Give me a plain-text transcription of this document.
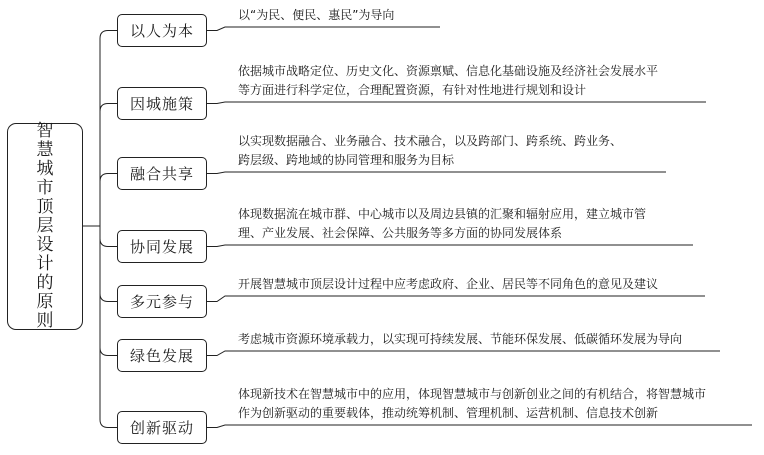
智慧城市顶层设计的原则
以人为本
因城施策
融合共享
协同发展
多元参与
绿色发展
创新驱动
以“为民、便民、惠民”为导向
依据城市战略定位、历史文化、资源禀赋、信息化基础设施及经济社会发展水平
等方面进行科学定位，合理配置资源，有针对性地进行规划和设计
以实现数据融合、业务融合、技术融合，以及跨部门、跨系统、跨业务、
跨层级、跨地域的协同管理和服务为目标
体现数据流在城市群、中心城市以及周边县镇的汇聚和辐射应用，建立城市管
理、产业发展、社会保障、公共服务等多方面的协同发展体系
开展智慧城市顶层设计过程中应考虑政府、企业、居民等不同角色的意见及建议
考虑城市资源环境承载力，以实现可持续发展、节能环保发展、低碳循环发展为导向
体现新技术在智慧城市中的应用，体现智慧城市与创新创业之间的有机结合，将智慧城市
作为创新驱动的重要载体，推动统筹机制、管理机制、运营机制、信息技术创新
